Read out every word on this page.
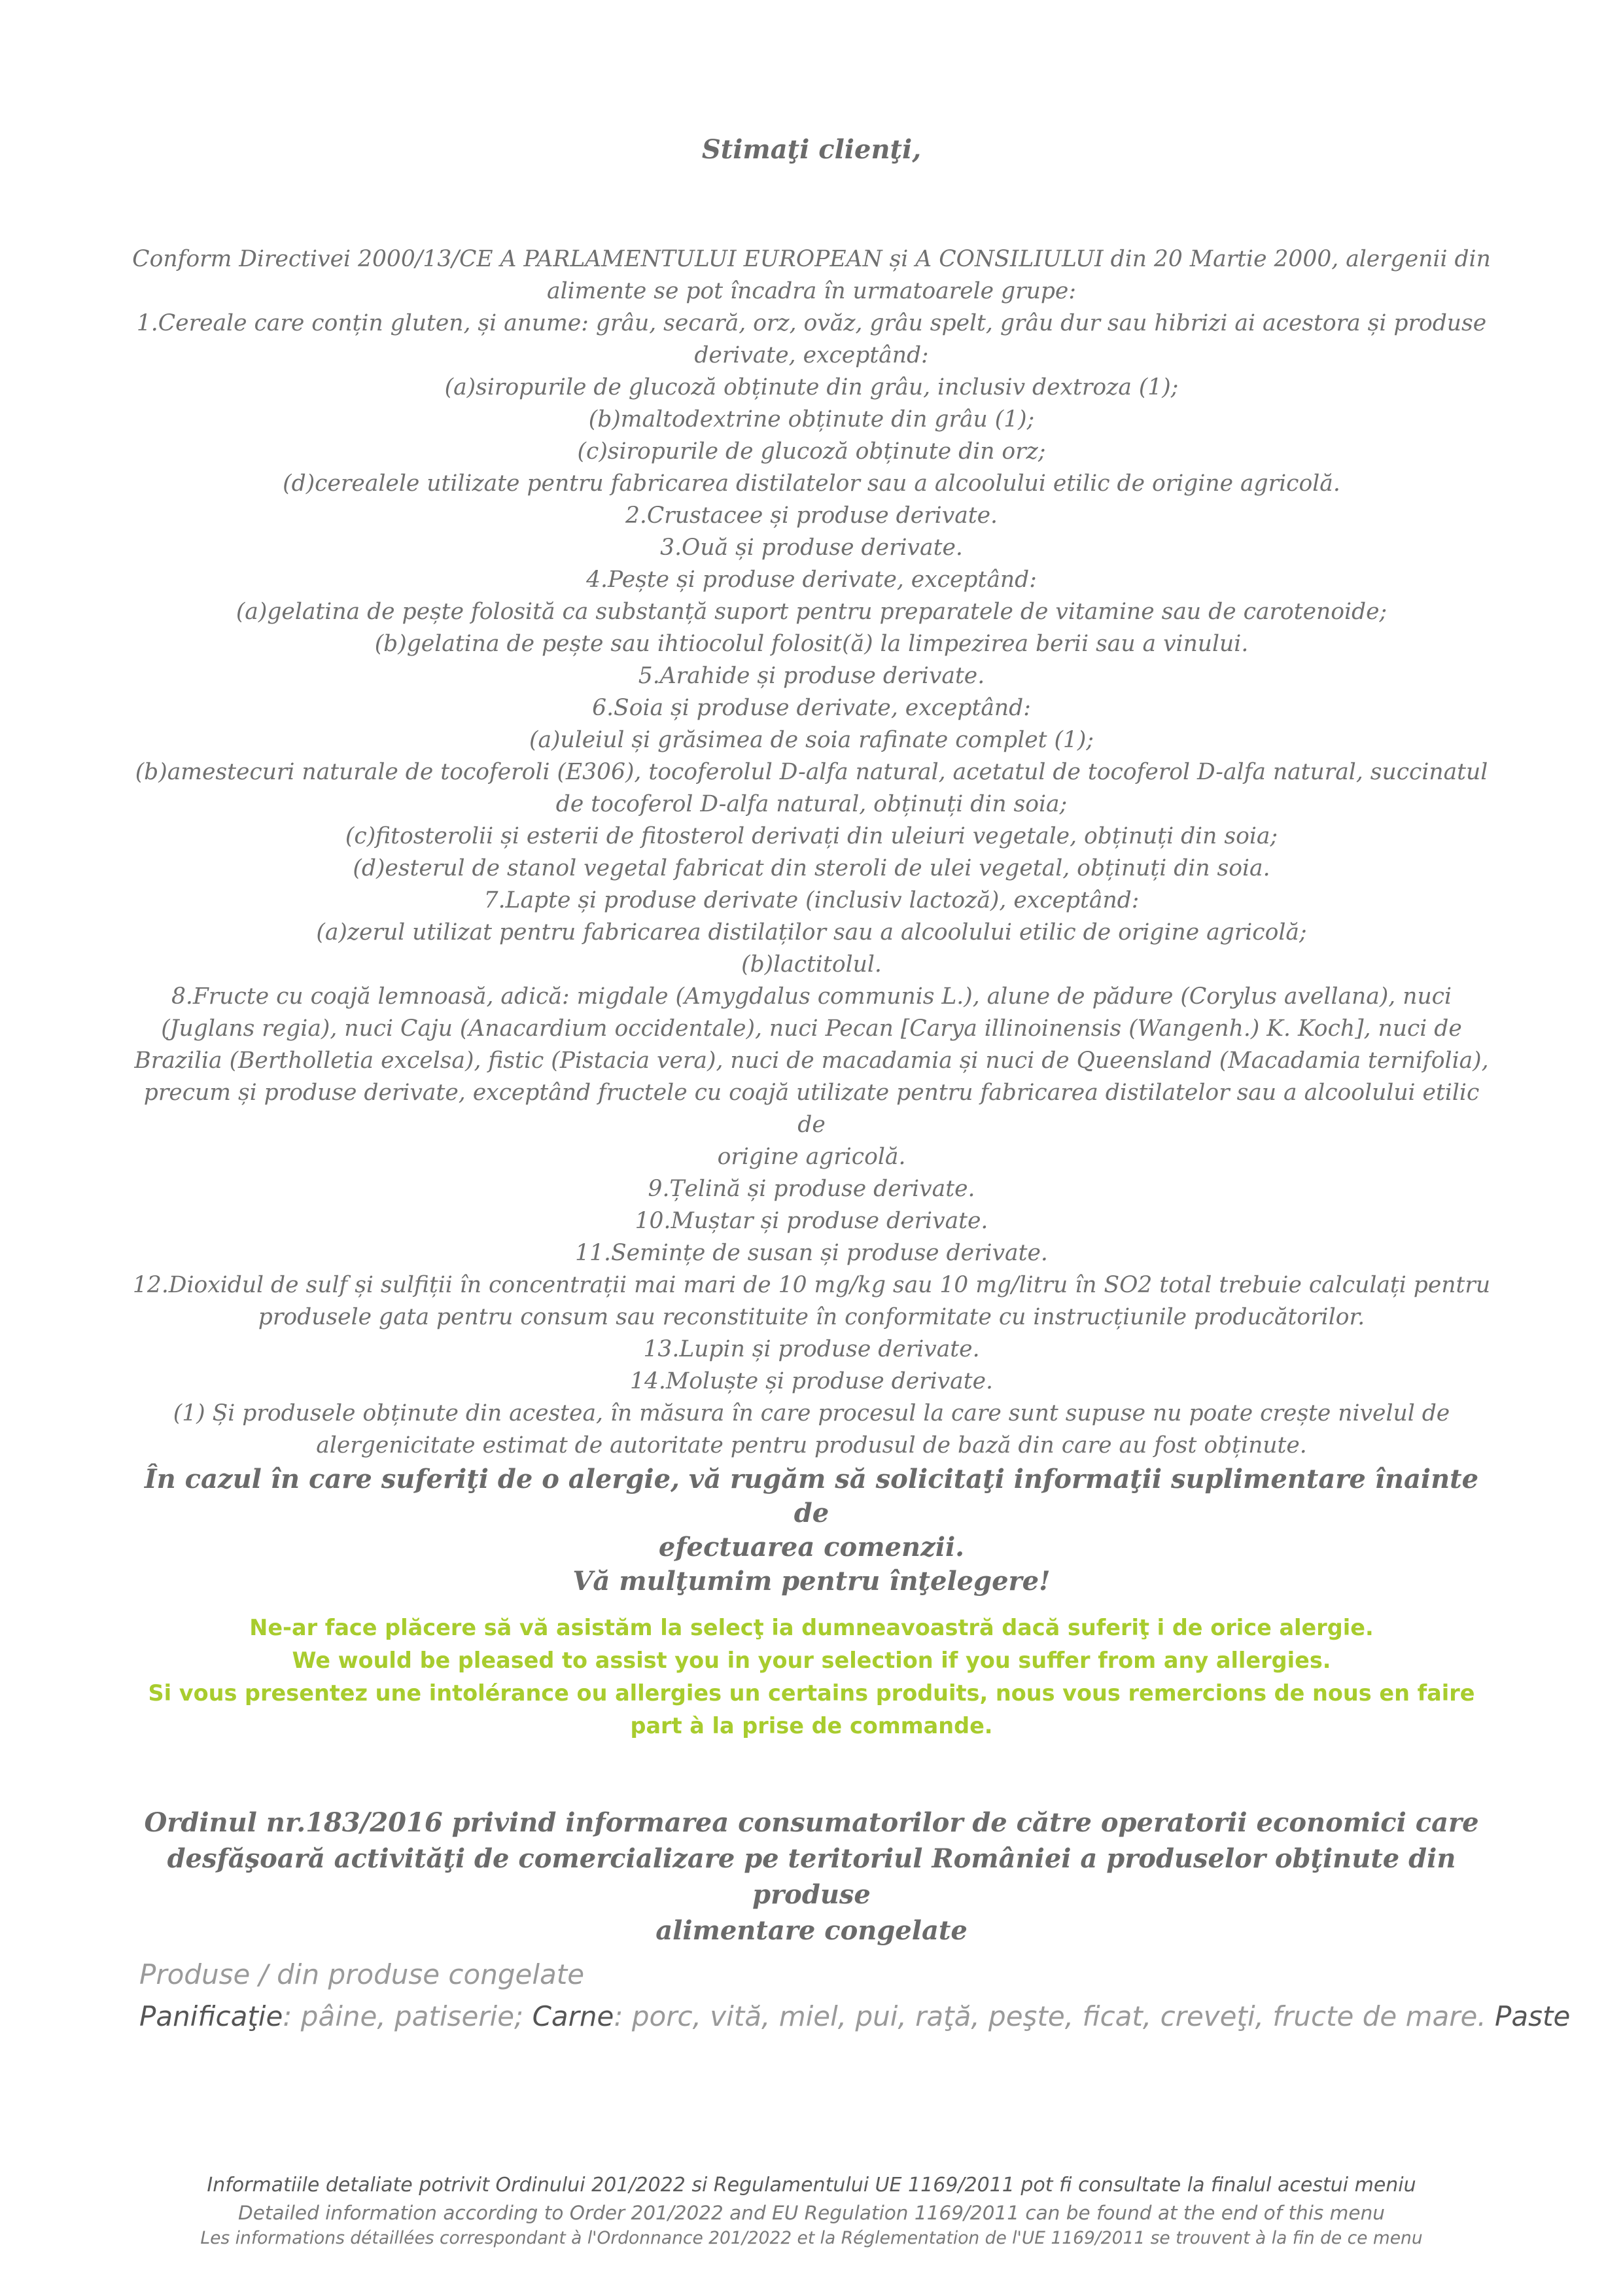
Stimaţi clienţi,

Conform Directivei 2000/13/CE A PARLAMENTULUI EUROPEAN și A CONSILIULUI din 20 Martie 2000, alergenii din

alimente se pot încadra în urmatoarele grupe:

1.Cereale care conțin gluten, și anume: grâu, secară, orz, ovăz, grâu spelt, grâu dur sau hibrizi ai acestora și produse

derivate, exceptând:

(a)siropurile de glucoză obținute din grâu, inclusiv dextroza (1);

(b)maltodextrine obținute din grâu (1);

(c)siropurile de glucoză obținute din orz;

(d)cerealele utilizate pentru fabricarea distilatelor sau a alcoolului etilic de origine agricolă.

2.Crustacee și produse derivate.

3.Ouă și produse derivate.

4.Pește și produse derivate, exceptând:

(a)gelatina de pește folosită ca substanță suport pentru preparatele de vitamine sau de carotenoide;

(b)gelatina de pește sau ihtiocolul folosit(ă) la limpezirea berii sau a vinului.

5.Arahide și produse derivate.

6.Soia și produse derivate, exceptând:

(a)uleiul și grăsimea de soia rafinate complet (1);

(b)amestecuri naturale de tocoferoli (E306), tocoferolul D-alfa natural, acetatul de tocoferol D-alfa natural, succinatul

de tocoferol D-alfa natural, obținuți din soia;

(c)fitosterolii și esterii de fitosterol derivați din uleiuri vegetale, obținuți din soia;

(d)esterul de stanol vegetal fabricat din steroli de ulei vegetal, obținuți din soia.

7.Lapte și produse derivate (inclusiv lactoză), exceptând:

(a)zerul utilizat pentru fabricarea distilaților sau a alcoolului etilic de origine agricolă;

(b)lactitolul.

8.Fructe cu coajă lemnoasă, adică: migdale (Amygdalus communis L.), alune de pădure (Corylus avellana), nuci

(Juglans regia), nuci Caju (Anacardium occidentale), nuci Pecan [Carya illinoinensis (Wangenh.) K. Koch], nuci de

Brazilia (Bertholletia excelsa), fistic (Pistacia vera), nuci de macadamia și nuci de Queensland (Macadamia ternifolia),

precum și produse derivate, exceptând fructele cu coajă utilizate pentru fabricarea distilatelor sau a alcoolului etilic de

origine agricolă.

9.Țelină și produse derivate.

10.Muștar și produse derivate.

11.Semințe de susan și produse derivate.

12.Dioxidul de sulf și sulfiții în concentrații mai mari de 10 mg/kg sau 10 mg/litru în SO2 total trebuie calculați pentru

produsele gata pentru consum sau reconstituite în conformitate cu instrucțiunile producătorilor.

13.Lupin și produse derivate.

14.Moluște și produse derivate.

(1) Și produsele obținute din acestea, în măsura în care procesul la care sunt supuse nu poate crește nivelul de

alergenicitate estimat de autoritate pentru produsul de bază din care au fost obținute.

În cazul în care suferiţi de o alergie, vă rugăm să solicitaţi informaţii suplimentare înainte de

efectuarea comenzii.

Vă mulţumim pentru înţelegere!

Ne-ar face plăcere să vă asistăm la selecţ ia dumneavoastră dacă suferiţ i de orice alergie.

We would be pleased to assist you in your selection if you suffer from any allergies.

Si vous presentez une intolérance ou allergies un certains produits, nous vous remercions de nous en faire

part à la prise de commande.

Ordinul nr.183/2016 privind informarea consumatorilor de către operatorii economici care

desfăşoară activităţi de comercializare pe teritoriul României a produselor obţinute din produse

alimentare congelate

Produse / din produse congelate

Panificaţie: pâine, patiserie; Carne: porc, vită, miel, pui, raţă, peşte, ficat, creveţi, fructe de mare. Paste

Informatiile detaliate potrivit Ordinului 201/2022 si Regulamentului UE 1169/2011 pot fi consultate la finalul acestui meniu

Detailed information according to Order 201/2022 and EU Regulation 1169/2011 can be found at the end of this menu

Les informations détaillées correspondant à l'Ordonnance 201/2022 et la Réglementation de l'UE 1169/2011 se trouvent à la fin de ce menu
